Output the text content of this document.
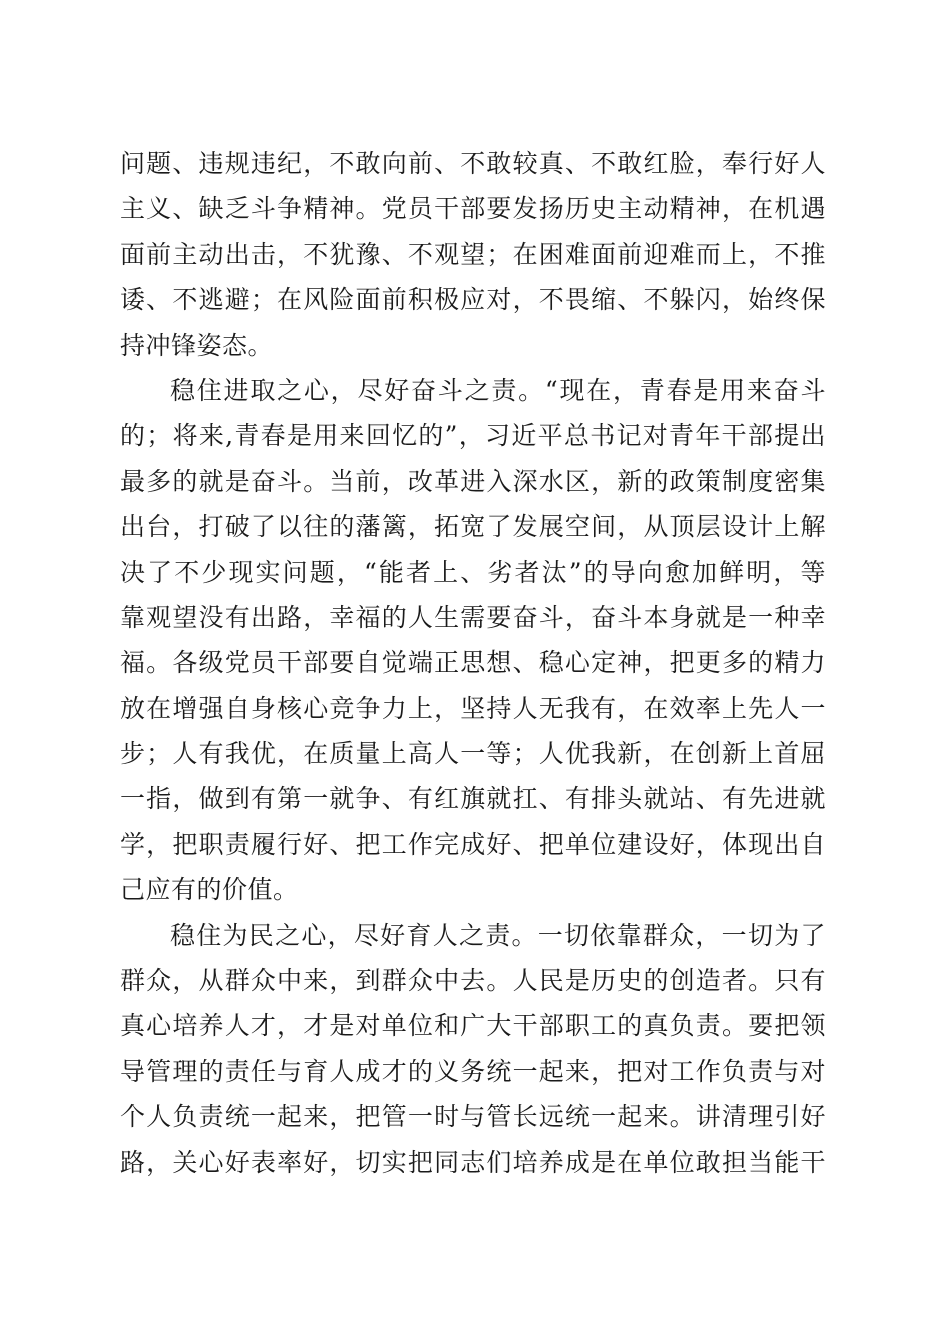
问题、违规违纪，不敢向前、不敢较真、不敢红脸，奉行好人
主义、缺乏斗争精神。党员干部要发扬历史主动精神，在机遇
面前主动出击，不犹豫、不观望；在困难面前迎难而上，不推
诿、不逃避；在风险面前积极应对，不畏缩、不躲闪，始终保
持冲锋姿态。
稳住进取之心，尽好奋斗之责。“现在，青春是用来奋斗
的；将来,青春是用来回忆的”，习近平总书记对青年干部提出
最多的就是奋斗。当前，改革进入深水区，新的政策制度密集
出台，打破了以往的藩篱，拓宽了发展空间，从顶层设计上解
决了不少现实问题，“能者上、劣者汰”的导向愈加鲜明，等
靠观望没有出路，幸福的人生需要奋斗，奋斗本身就是一种幸
福。各级党员干部要自觉端正思想、稳心定神，把更多的精力
放在增强自身核心竞争力上，坚持人无我有，在效率上先人一
步；人有我优，在质量上高人一等；人优我新，在创新上首屈
一指，做到有第一就争、有红旗就扛、有排头就站、有先进就
学，把职责履行好、把工作完成好、把单位建设好，体现出自
己应有的价值。
稳住为民之心，尽好育人之责。一切依靠群众，一切为了
群众，从群众中来，到群众中去。人民是历史的创造者。只有
真心培养人才，才是对单位和广大干部职工的真负责。要把领
导管理的责任与育人成才的义务统一起来，把对工作负责与对
个人负责统一起来，把管一时与管长远统一起来。讲清理引好
路，关心好表率好，切实把同志们培养成是在单位敢担当能干
